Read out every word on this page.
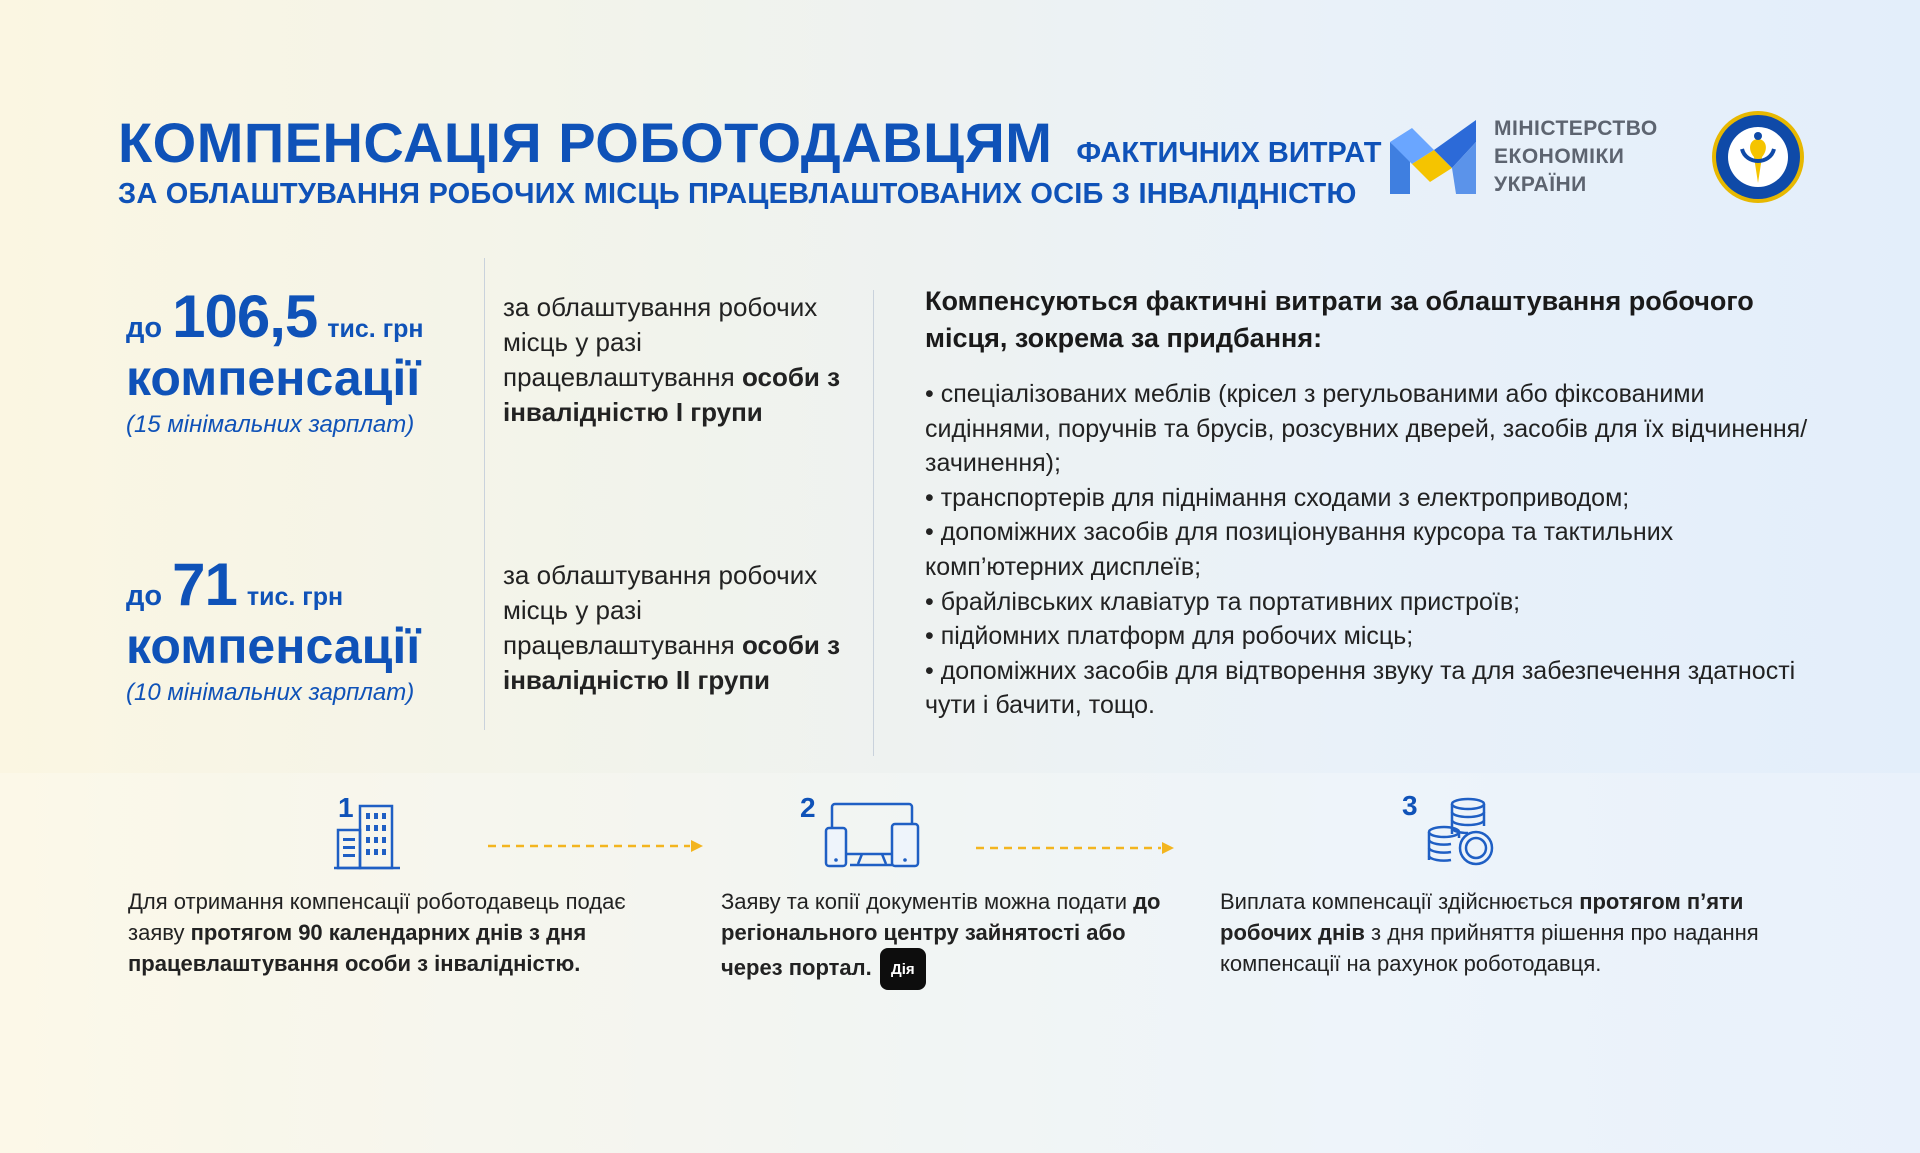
КОМПЕНСАЦІЯ РОБОТОДАВЦЯМ ФАКТИЧНИХ ВИТРАТ
ЗА ОБЛАШТУВАННЯ РОБОЧИХ МІСЦЬ ПРАЦЕВЛАШТОВАНИХ ОСІБ З ІНВАЛІДНІСТЮ
МІНІСТЕРСТВО
ЕКОНОМІКИ
УКРАЇНИ
до 106,5 тис. грн
компенсації
(15 мінімальних зарплат)
за облаштування робочих місць у разі працевлаштування особи з інвалідністю I групи
до 71 тис. грн
компенсації
(10 мінімальних зарплат)
за облаштування робочих місць у разі працевлаштування особи з інвалідністю II групи
Компенсуються фактичні витрати за облаштування робочого місця, зокрема за придбання:

• спеціалізованих меблів (крісел з регульованими або фіксованими сидіннями, поручнів та брусів, розсувних дверей, засобів для їх відчинення/зачинення);

• транспортерів для піднімання сходами з електроприводом;

• допоміжних засобів для позиціонування курсора та тактильних комп’ютерних дисплеїв;

• брайлівських клавіатур та портативних пристроїв;

• підйомних платформ для робочих місць;

• допоміжних засобів для відтворення звуку та для забезпечення здатності чути і бачити, тощо.

1
Для отримання компенсації роботодавець подає заяву протягом 90 календарних днів з дня працевлаштування особи з інвалідністю.
2
Заяву та копії документів можна подати до регіонального центру зайнятості або через портал. Дія
3
Виплата компенсації здійснюється протягом п’яти робочих днів з дня прийняття рішення про надання компенсації на рахунок роботодавця.
